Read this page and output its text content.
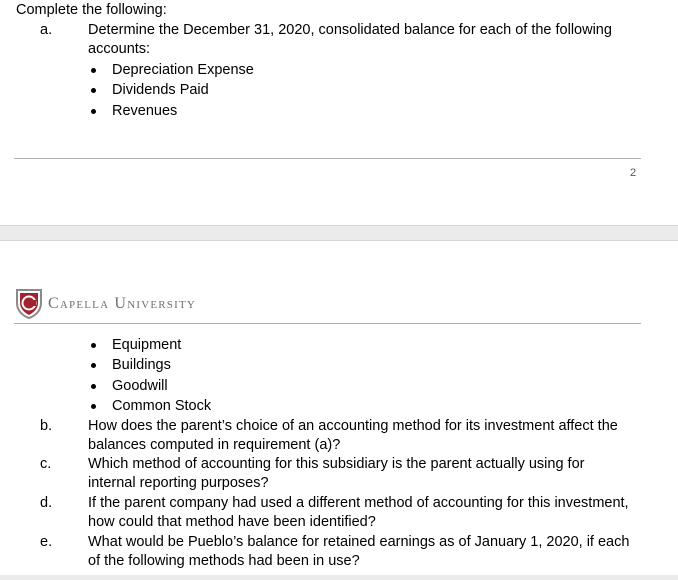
Complete the following:
a. Determine the December 31, 2020, consolidated balance for each of the following
accounts:
Depreciation Expense
Dividends Paid
Revenues
2
Capella University
Equipment
Buildings
Goodwill
Common Stock
b. How does the parent’s choice of an accounting method for its investment affect the
balances computed in requirement (a)?
c.	Which method of accounting for this subsidiary is the parent actually using for
internal reporting purposes?
d. If the parent company had used a different method of accounting for this investment,
how could that method have been identified?
e. What would be Pueblo’s balance for retained earnings as of January 1, 2020, if each
of the following methods had been in use?
